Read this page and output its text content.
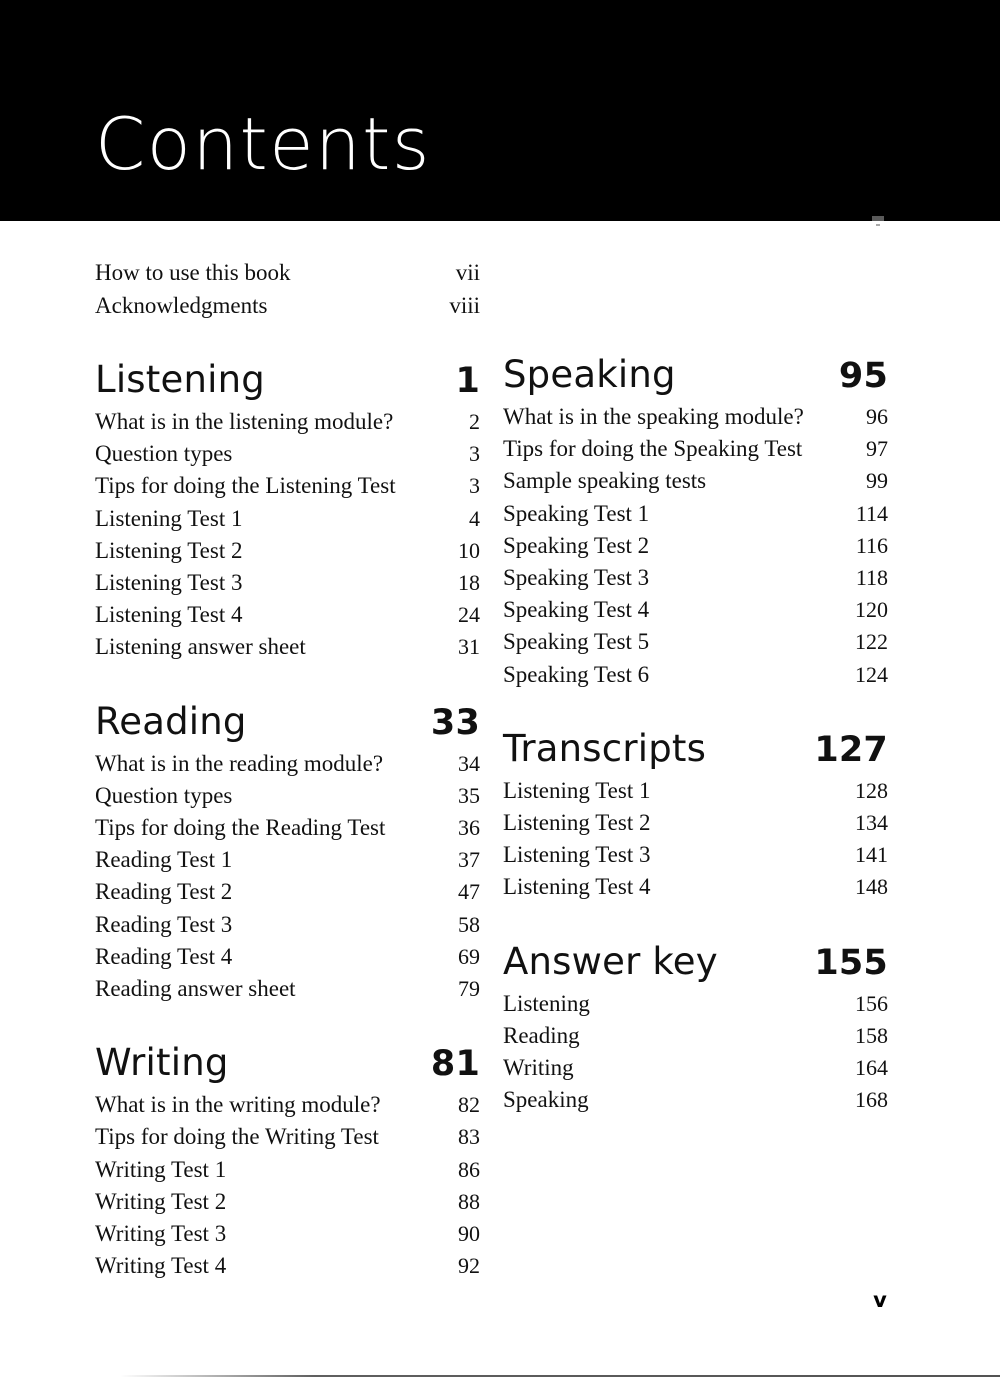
Contents
How to use this book	vii
Acknowledgments	viii
Listening	1
What is in the listening module?	2
Question types	3
Tips for doing the Listening Test	3
Listening Test 1	4
Listening Test 2	10
Listening Test 3	18
Listening Test 4	24
Listening answer sheet	31
Reading	33
What is in the reading module?	34
Question types	35
Tips for doing the Reading Test	36
Reading Test 1	37
Reading Test 2	47
Reading Test 3	58
Reading Test 4	69
Reading answer sheet	79
Writing	81
What is in the writing module?	82
Tips for doing the Writing Test	83
Writing Test 1	86
Writing Test 2	88
Writing Test 3	90
Writing Test 4	92
Speaking	95
What is in the speaking module?	96
Tips for doing the Speaking Test	97
Sample speaking tests	99
Speaking Test 1	114
Speaking Test 2	116
Speaking Test 3	118
Speaking Test 4	120
Speaking Test 5	122
Speaking Test 6	124
Transcripts	127
Listening Test 1	128
Listening Test 2	134
Listening Test 3	141
Listening Test 4	148
Answer key	155
Listening	156
Reading	158
Writing	164
Speaking	168
v
